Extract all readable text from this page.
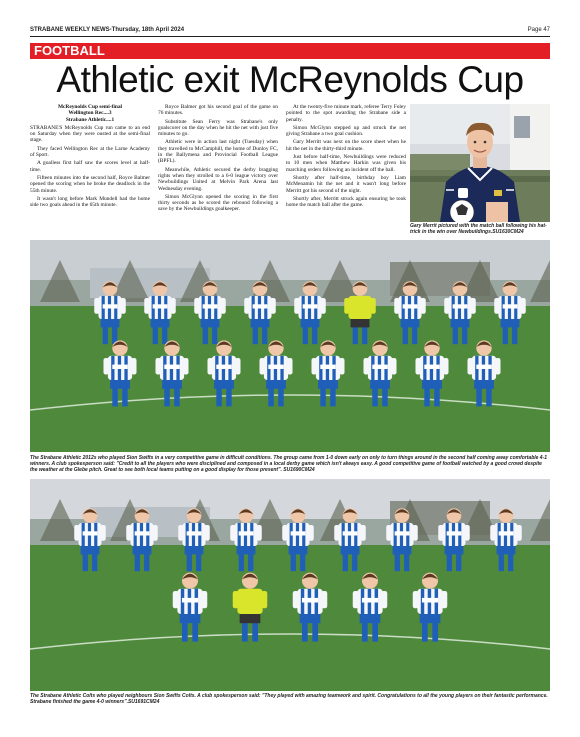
STRABANE WEEKLY NEWS-Thursday, 18th April 2024	Page 47
FOOTBALL
Athletic exit McReynolds Cup

McReynolds Cup semi-final

Wellington Rec....3

Strabane Athletic....1

STRABANE'S McReynolds Cup run came to an end on Saturday when they were ousted at the semi-final stage.

They faced Wellington Rec at the Larne Academy of Sport.

A goalless first half saw the scores level at half-time.

Fifteen minutes into the second half, Royce Balmer opened the scoring when he broke the deadlock in the 55th minute.

It wasn't long before Mark Mundell had the home side two goals ahead in the 65th minute.

Royce Balmer got his second goal of the game on 76 minutes.

Substitute Sean Ferry was Strabane's only goalscorer on the day when he hit the net with just five minutes to go.

Athletic were in action last night (Tuesday) when they travelled to McCamphill, the home of Dunloy FC, in the Ballymena and Provincial Football League (BPFL).

Meanwhile, Athletic secured the derby bragging rights when they strolled to a 6-0 league victory over Newbuildings United at Melvin Park Arena last Wednesday evening.

Simon McGlynn opened the scoring in the first thirty seconds as he scored the rebound following a save by the Newbuildings goalkeeper.

At the twenty-five minute mark, referee Terry Foley pointed to the spot awarding the Strabane side a penalty.

Simon McGlynn stepped up and struck the net giving Strabane a two goal cushion.

Gary Merritt was next on the score sheet when he hit the net in the thirty-third minute.

Just before half-time, Newbuildings were reduced to 10 men when Matthew Harkin was given his marching orders following an incident off the ball.

Shortly after half-time, birthday boy Liam McMenamin hit the net and it wasn't long before Merritt got his second of the night.

Shortly after, Merritt struck again ensuring he took home the match ball after the game.

Gary Merrit pictured with the match ball following his hat-trick in the win over Newbuildings.SU1630CM24
The Strabane Athletic 2012s who played Sion Swifts in a very competitive game in difficult conditions. The group came from 1-0 down early on only to turn things around in the second half coming away comfortable 4-1 winners. A club spokesperson said: "Credit to all the players who were disciplined and composed in a local derby game which isn't always easy. A good competitive game of football watched by a good crowd despite the weather at the Glebe pitch. Great to see both local teams putting on a good display for those present". SU1690CM24
The Strabane Athletic Colts who played neighbours Sion Swifts Colts. A club spokesperson said: "They played with amazing teamwork and spirit. Congratulations to all the young players on their fantastic performance. Strabane finished the game 4-0 winners".SU1691CM24
